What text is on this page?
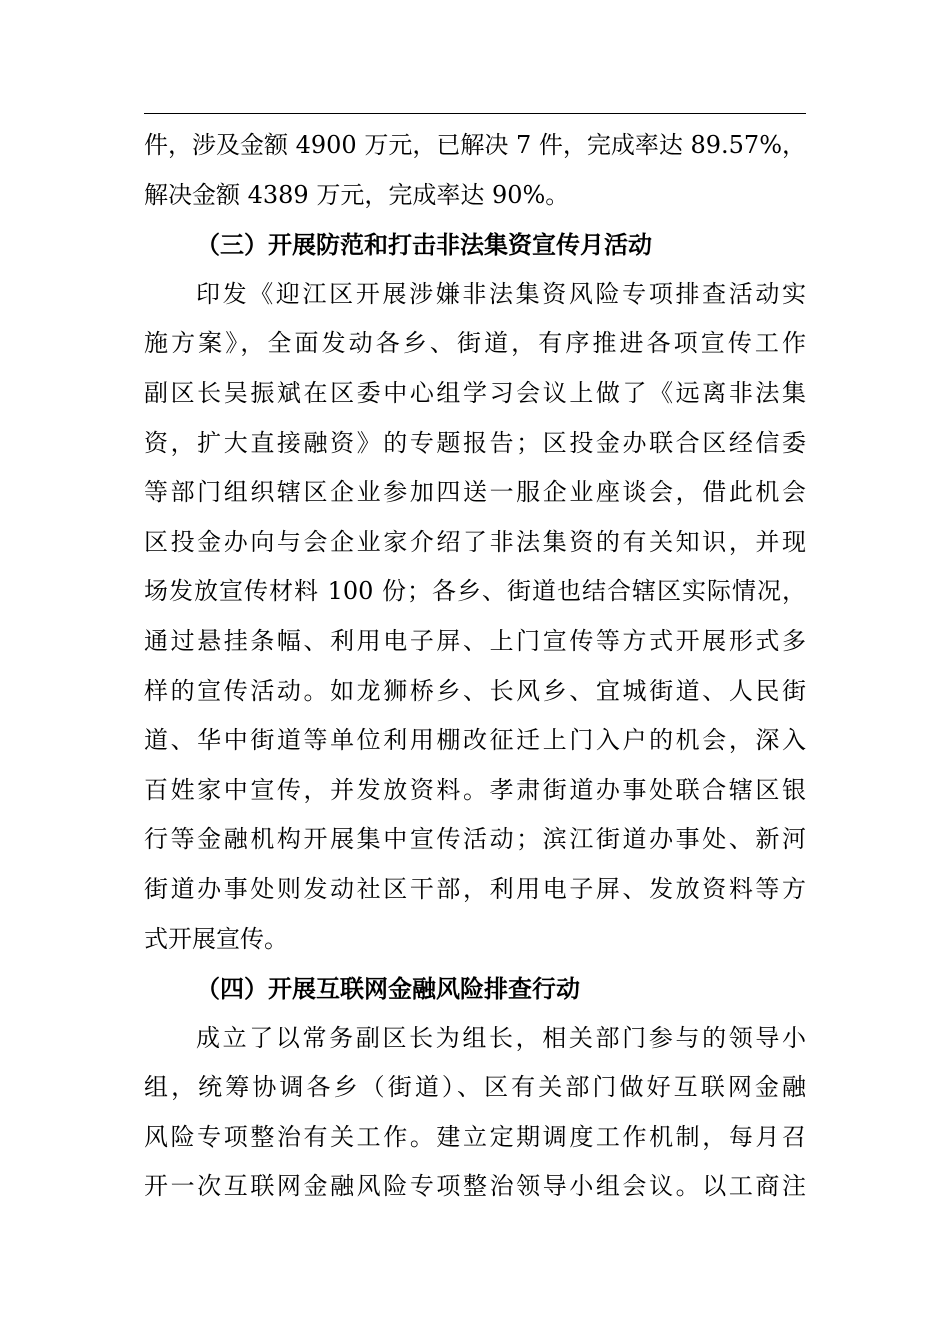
件，涉及金额 4900 万元，已解决 7 件，完成率达 89.57%，
解决金额 4389 万元，完成率达 90%。
（三）开展防范和打击非法集资宣传月活动
印发《迎江区开展涉嫌非法集资风险专项排查活动实
施方案》，全面发动各乡、街道，有序推进各项宣传工作
副区长吴振斌在区委中心组学习会议上做了《远离非法集
资，扩大直接融资》的专题报告；区投金办联合区经信委
等部门组织辖区企业参加四送一服企业座谈会，借此机会
区投金办向与会企业家介绍了非法集资的有关知识，并现
场发放宣传材料 100 份；各乡、街道也结合辖区实际情况，
通过悬挂条幅、利用电子屏、上门宣传等方式开展形式多
样的宣传活动。如龙狮桥乡、长风乡、宜城街道、人民街
道、华中街道等单位利用棚改征迁上门入户的机会，深入
百姓家中宣传，并发放资料。孝肃街道办事处联合辖区银
行等金融机构开展集中宣传活动；滨江街道办事处、新河
街道办事处则发动社区干部，利用电子屏、发放资料等方
式开展宣传。
（四）开展互联网金融风险排查行动
成立了以常务副区长为组长，相关部门参与的领导小
组，统筹协调各乡（街道）、区有关部门做好互联网金融
风险专项整治有关工作。建立定期调度工作机制，每月召
开一次互联网金融风险专项整治领导小组会议。以工商注
